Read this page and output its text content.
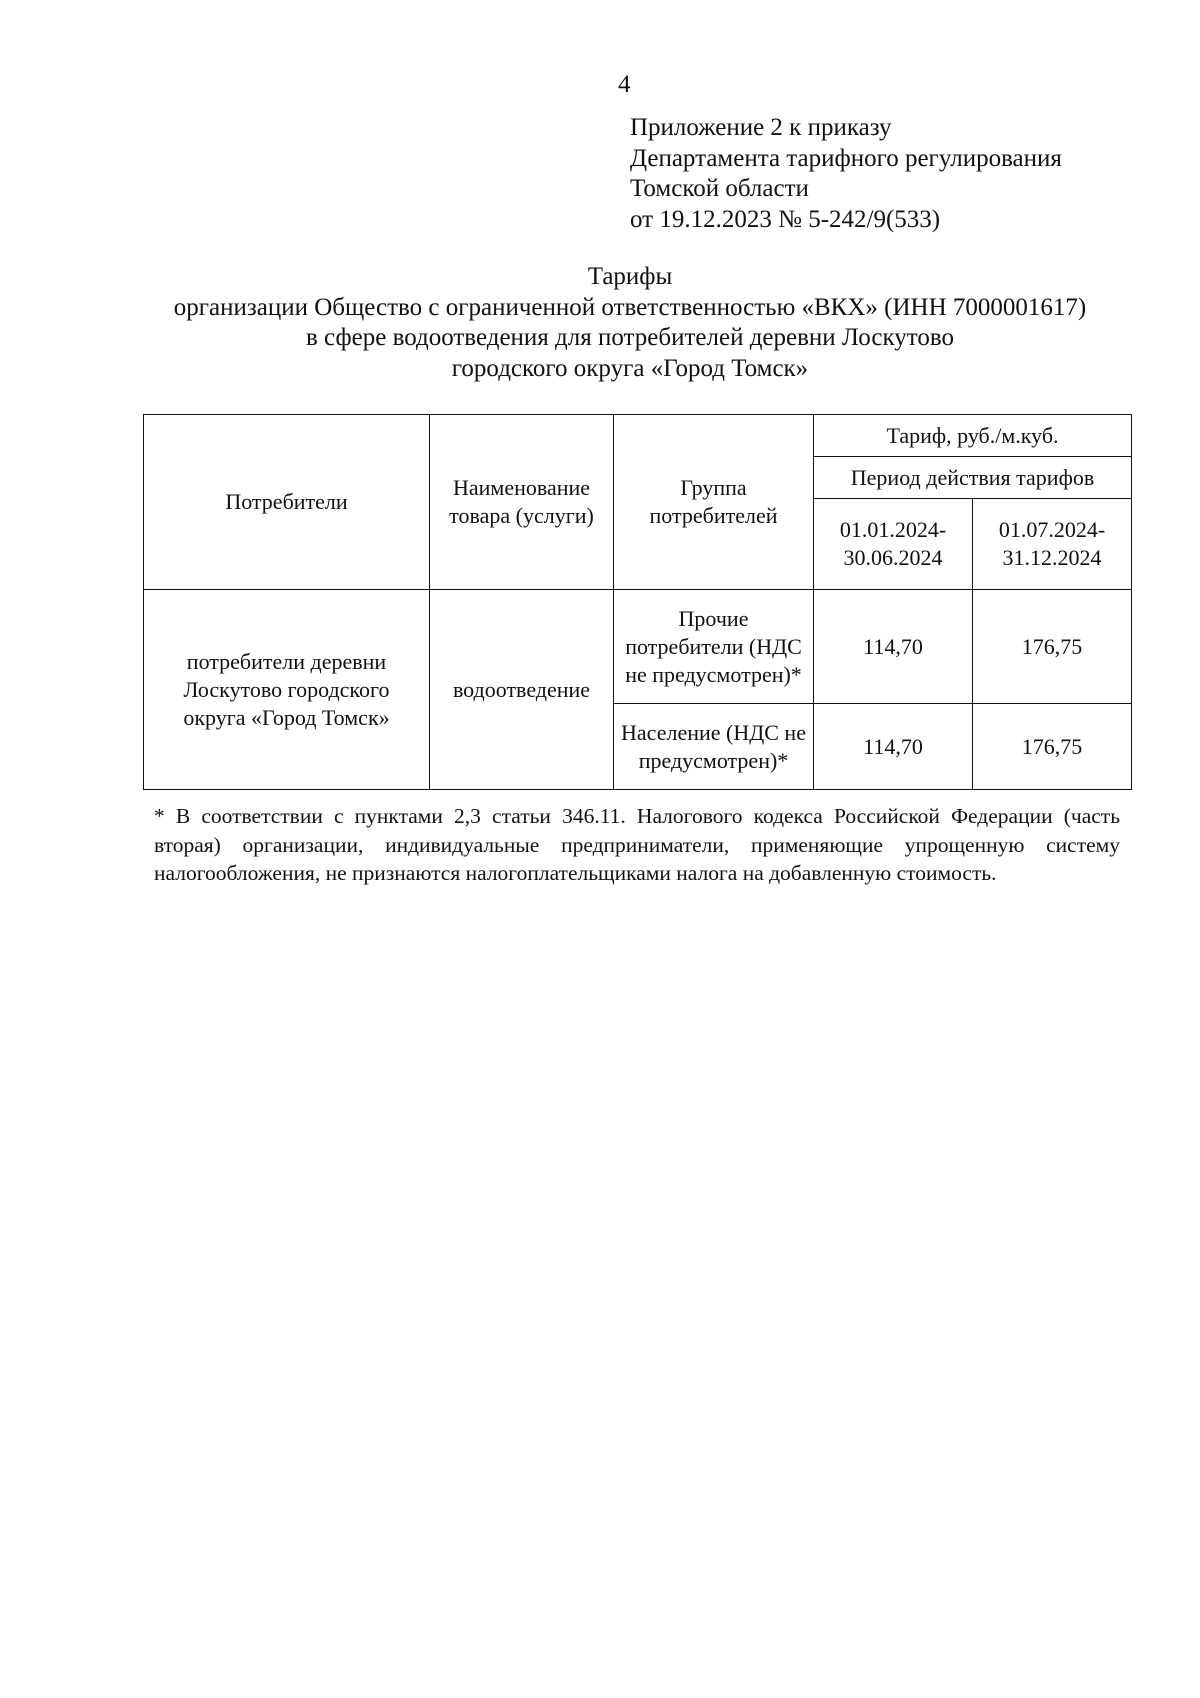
4
Приложение 2 к приказу
Департамента тарифного регулирования
Томской области
от 19.12.2023 № 5-242/9(533)
Тарифы
организации Общество с ограниченной ответственностью «ВКХ» (ИНН 7000001617)
в сфере водоотведения для потребителей деревни Лоскутово
городского округа «Город Томск»
Потребители	Наименование товара (услуги)	Группа потребителей	Тариф, руб./м.куб.	
			Период действия тарифов	
			01.01.2024-30.06.2024	01.07.2024-31.12.2024
потребители деревни Лоскутово городского округа «Город Томск»	водоотведение	Прочие потребители (НДС не предусмотрен)*	114,70	176,75
		Население (НДС не предусмотрен)*	114,70	176,75
* В соответствии с пунктами 2,3 статьи 346.11. Налогового кодекса Российской Федерации (часть вторая) организации, индивидуальные предприниматели, применяющие упрощенную систему налогообложения, не признаются налогоплательщиками налога на добавленную стоимость.
